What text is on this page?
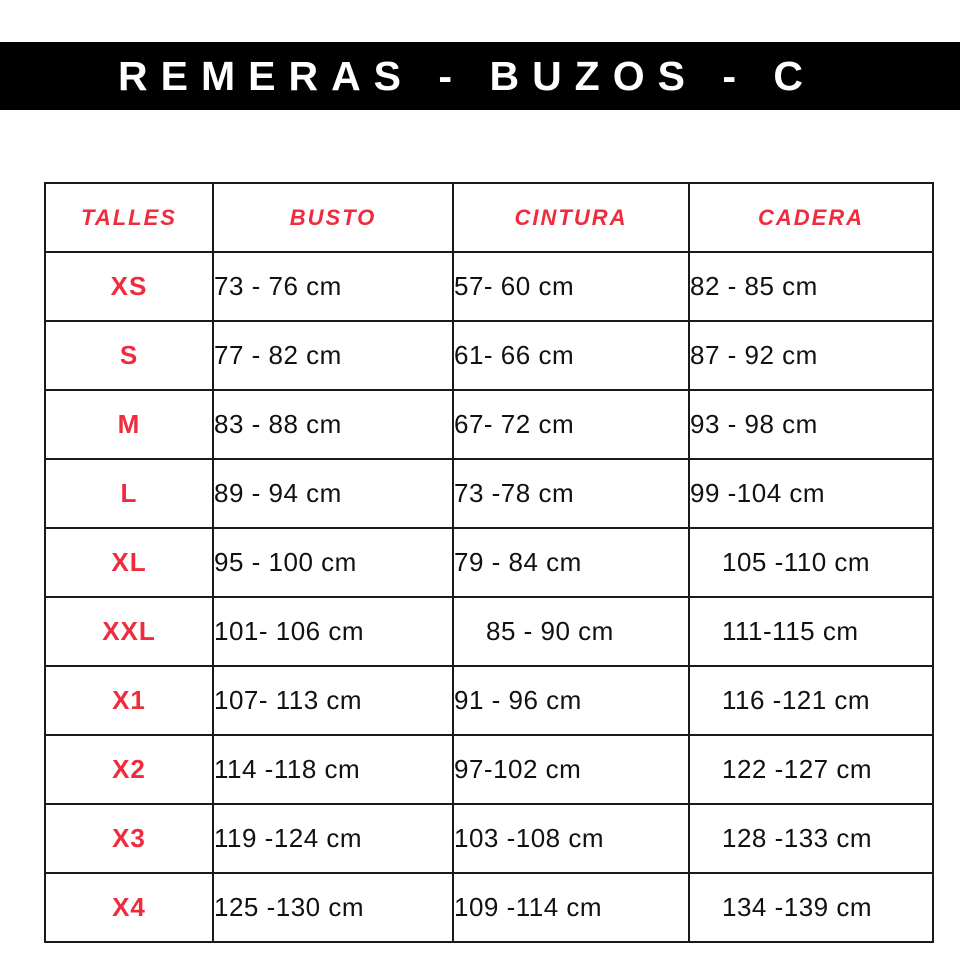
REMERAS - BUZOS - C
TALLES	BUSTO	CINTURA	CADERA
XS	73 - 76 cm	57- 60 cm	82 - 85 cm
S	77 - 82 cm	61- 66 cm	87 - 92 cm
M	83 - 88 cm	67- 72 cm	93 - 98 cm
L	89 - 94 cm	73 -78 cm	99 -104 cm
XL	95 - 100 cm	79 - 84 cm	105 -110 cm
XXL	101- 106 cm	85 - 90 cm	111-115 cm
X1	107- 113 cm	91 - 96 cm	116 -121 cm
X2	114 -118 cm	97-102 cm	122 -127 cm
X3	119 -124 cm	103 -108 cm	128 -133 cm
X4	125 -130 cm	109 -114 cm	134 -139 cm
